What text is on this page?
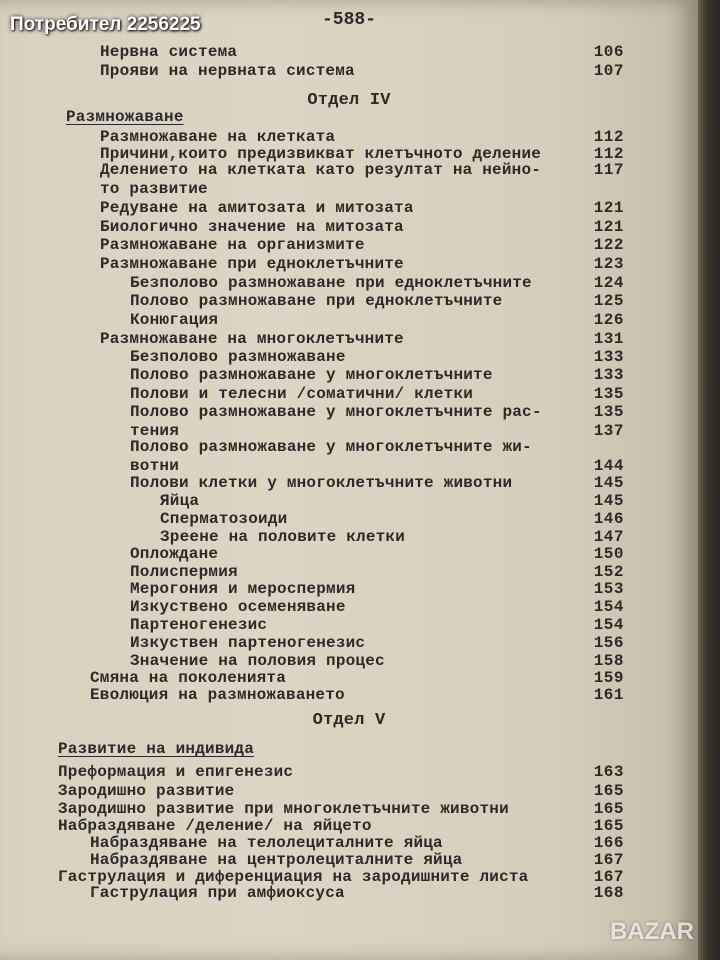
-588-
Нервна система	106
Прояви на нервната система	107
Отдел IV
Размножаване
Размножаване на клетката	112
Причини,които предизвикват клетъчното деление	112
Делението на клетката като резултат на нейно-	117
то развитие
Редуване на амитозата и митозата	121
Биологично значение на митозата	121
Размножаване на организмите	122
Размножаване при едноклетъчните	123
Безполово размножаване при едноклетъчните	124
Полово размножаване при едноклетъчните	125
Конюгация	126
Размножаване на многоклетъчните	131
Безполово размножаване	133
Полово размножаване у многоклетъчните	133
Полови и телесни /соматични/ клетки	135
Полово размножаване у многоклетъчните рас-	135
тения	137
Полово размножаване у многоклетъчните жи-
вотни	144
Полови клетки у многоклетъчните животни	145
Яйца	145
Сперматозоиди	146
Зреене на половите клетки	147
Оплождане	150
Полиспермия	152
Мерогония и мероспермия	153
Изкуствено осеменяване	154
Партеногенезис	154
Изкуствен партеногенезис	156
Значение на половия процес	158
Смяна на поколенията	159
Еволюция на размножаването	161
Отдел V
Развитие на индивида
Преформация и епигенезис	163
Зародишно развитие	165
Зародишно развитие при многоклетъчните животни	165
Набраздяване /деление/ на яйцето	165
Набраздяване на телолециталните яйца	166
Набраздяване на центролециталните яйца	167
Гаструлация и диференциация на зародишните листа	167
Гаструлация при амфиоксуса	168
Потребител 2256225
BAZAR
